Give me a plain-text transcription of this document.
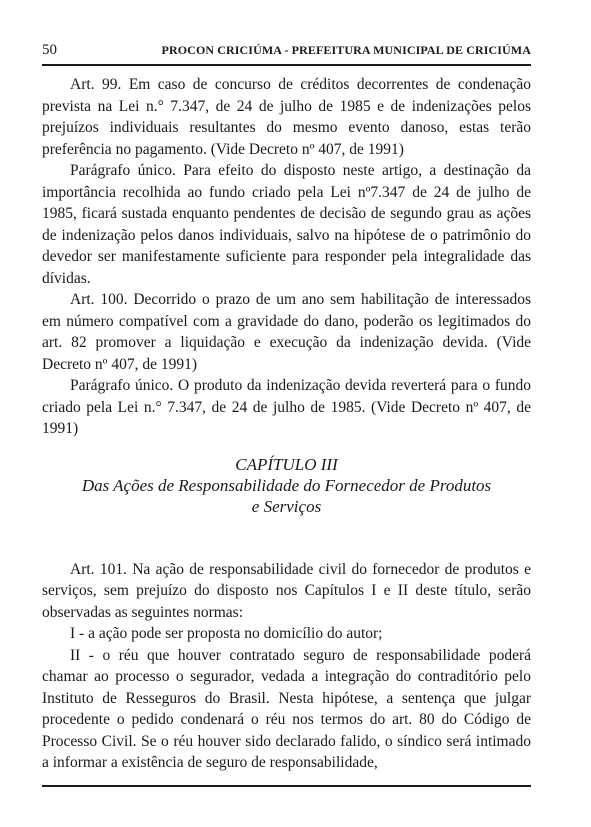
50	PROCON CRICIÚMA - PREFEITURA MUNICIPAL DE CRICIÚMA

Art. 99. Em caso de concurso de créditos decorrentes de condenação prevista na Lei n.° 7.347, de 24 de julho de 1985 e de indenizações pelos prejuízos individuais resultantes do mesmo evento danoso, estas terão preferência no pagamento. (Vide Decreto nº 407, de 1991)

Parágrafo único. Para efeito do disposto neste artigo, a destinação da importância recolhida ao fundo criado pela Lei nº7.347 de 24 de julho de 1985, ficará sustada enquanto pendentes de decisão de segundo grau as ações de indenização pelos danos individuais, salvo na hipótese de o patrimônio do devedor ser manifestamente suficiente para responder pela integralidade das dívidas.

Art. 100. Decorrido o prazo de um ano sem habilitação de interessados em número compatível com a gravidade do dano, poderão os legitimados do art. 82 promover a liquidação e execução da indenização devida. (Vide Decreto nº 407, de 1991)

Parágrafo único. O produto da indenização devida reverterá para o fundo criado pela Lei n.° 7.347, de 24 de julho de 1985. (Vide Decreto nº 407, de 1991)

CAPÍTULO III
Das Ações de Responsabilidade do Fornecedor de Produtos e Serviços

Art. 101. Na ação de responsabilidade civil do fornecedor de produtos e serviços, sem prejuízo do disposto nos Capítulos I e II deste título, serão observadas as seguintes normas:

I - a ação pode ser proposta no domicílio do autor;

II - o réu que houver contratado seguro de responsabilidade poderá chamar ao processo o segurador, vedada a integração do contraditório pelo Instituto de Resseguros do Brasil. Nesta hipótese, a sentença que julgar procedente o pedido condenará o réu nos termos do art. 80 do Código de Processo Civil. Se o réu houver sido declarado falido, o síndico será intimado a informar a existência de seguro de responsabilidade,
